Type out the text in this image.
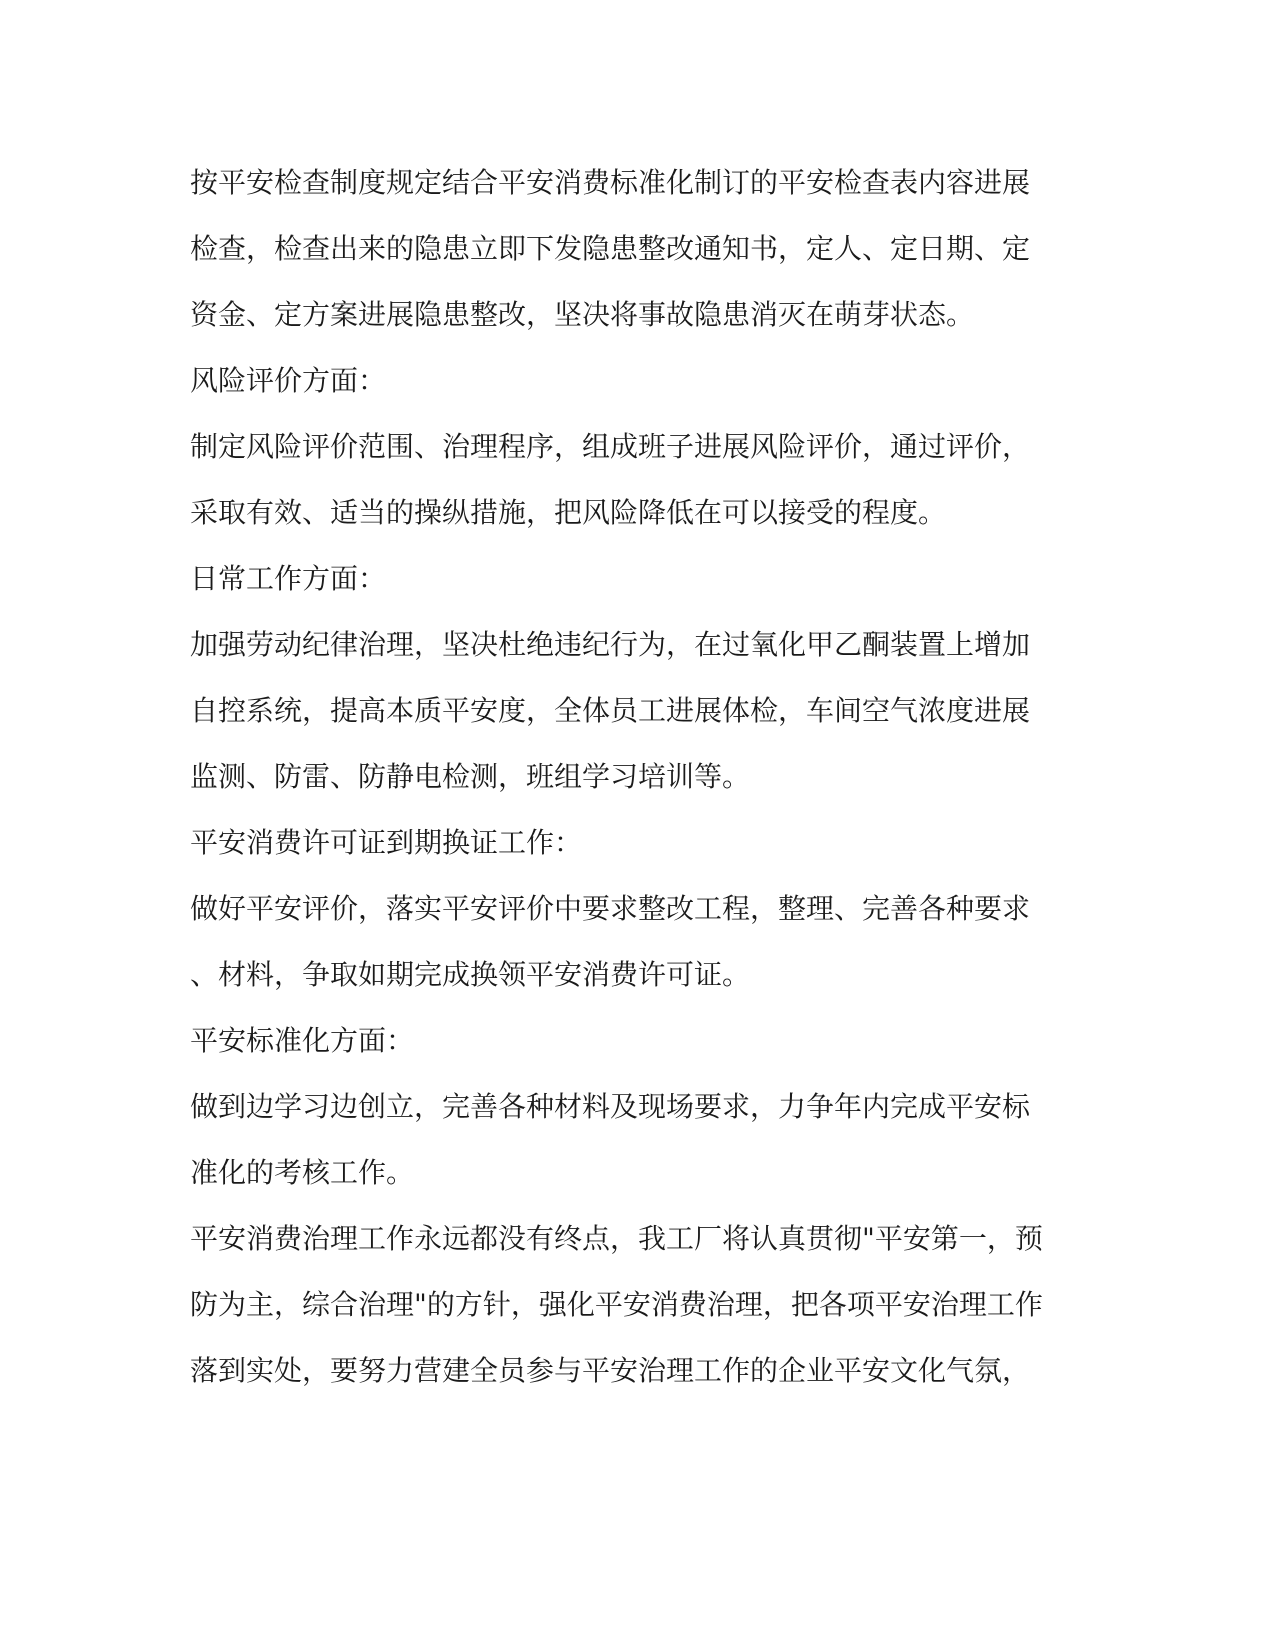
按平安检查制度规定结合平安消费标准化制订的平安检查表内容进展
检查，检查出来的隐患立即下发隐患整改通知书，定人、定日期、定
资金、定方案进展隐患整改，坚决将事故隐患消灭在萌芽状态。
风险评价方面：
制定风险评价范围、治理程序，组成班子进展风险评价，通过评价，
采取有效、适当的操纵措施，把风险降低在可以接受的程度。
日常工作方面：
加强劳动纪律治理，坚决杜绝违纪行为，在过氧化甲乙酮装置上增加
自控系统，提高本质平安度，全体员工进展体检，车间空气浓度进展
监测、防雷、防静电检测，班组学习培训等。
平安消费许可证到期换证工作：
做好平安评价，落实平安评价中要求整改工程，整理、完善各种要求
、材料，争取如期完成换领平安消费许可证。
平安标准化方面：
做到边学习边创立，完善各种材料及现场要求，力争年内完成平安标
准化的考核工作。
平安消费治理工作永远都没有终点，我工厂将认真贯彻"平安第一，预
防为主，综合治理"的方针，强化平安消费治理，把各项平安治理工作
落到实处，要努力营建全员参与平安治理工作的企业平安文化气氛，
